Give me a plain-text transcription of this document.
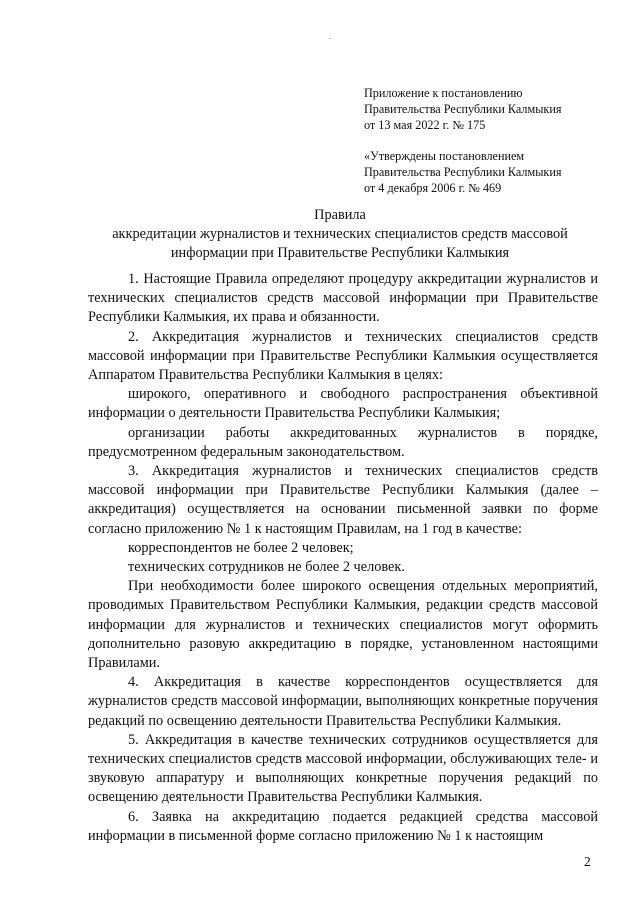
Приложение к постановлению
Правительства Республики Калмыкия
от 13 мая 2022 г. № 175
«Утверждены постановлением
Правительства Республики Калмыкия
от 4 декабря 2006 г. № 469
Правила
аккредитации журналистов и технических специалистов средств массовой
информации при Правительстве Республики Калмыкия

1. Настоящие Правила определяют процедуру аккредитации журналистов и технических специалистов средств массовой информации при Правительстве Республики Калмыкия, их права и обязанности.

2. Аккредитация журналистов и технических специалистов средств массовой информации при Правительстве Республики Калмыкия осуществляется Аппаратом Правительства Республики Калмыкия в целях:

широкого, оперативного и свободного распространения объективной информации о деятельности Правительства Республики Калмыкия;

организации работы аккредитованных журналистов в порядке, предусмотренном федеральным законодательством.

3. Аккредитация журналистов и технических специалистов средств массовой информации при Правительстве Республики Калмыкия (далее – аккредитация) осуществляется на основании письменной заявки по форме согласно приложению № 1 к настоящим Правилам, на 1 год в качестве:

корреспондентов не более 2 человек;

технических сотрудников не более 2 человек.

При необходимости более широкого освещения отдельных мероприятий, проводимых Правительством Республики Калмыкия, редакции средств массовой информации для журналистов и технических специалистов могут оформить дополнительно разовую аккредитацию в порядке, установленном настоящими Правилами.

4. Аккредитация в качестве корреспондентов осуществляется для журналистов средств массовой информации, выполняющих конкретные поручения редакций по освещению деятельности Правительства Республики Калмыкия.

5. Аккредитация в качестве технических сотрудников осуществляется для технических специалистов средств массовой информации, обслуживающих теле- и звуковую аппаратуру и выполняющих конкретные поручения редакций по освещению деятельности Правительства Республики Калмыкия.

6. Заявка на аккредитацию подается редакцией средства массовой информации в письменной форме согласно приложению № 1 к настоящим

2
